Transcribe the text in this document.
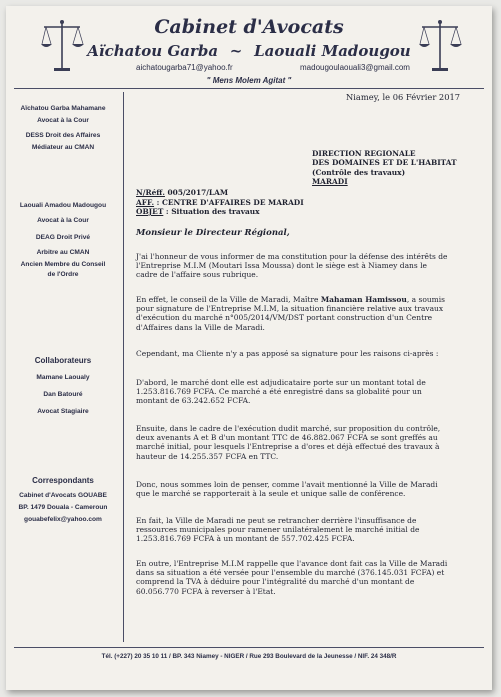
Cabinet d'Avocats
Aïchatou Garba ~ Laouali Madougou
aichatougarba71@yahoo.fr	madougoulaouali3@gmail.com
" Mens Molem Agitat "
Aïchatou Garba Mahamane
Avocat à la Cour
DESS Droit des Affaires
Médiateur au CMAN
Laouali Amadou Madougou
Avocat à la Cour
DEAG Droit Privé
Arbitre au CMAN
Ancien Membre du Conseil
de l'Ordre
Collaborateurs
Mamane Laoualy
Dan Batouré
Avocat Stagiaire
Correspondants
Cabinet d'Avocats GOUABE
BP. 1479 Douala - Cameroun
gouabefelix@yahoo.com
Niamey, le 06 Février 2017
DIRECTION REGIONALE
DES DOMAINES ET DE L'HABITAT
(Contrôle des travaux)
MARADI
N/Réff. 005/2017/LAM
AFF. : CENTRE D'AFFAIRES DE MARADI
OBJET : Situation des travaux
Monsieur le Directeur Régional,
J'ai l'honneur de vous informer de ma constitution pour la défense des intérêts de
l'Entreprise M.I.M (Moutari Issa Moussa) dont le siège est à Niamey dans le
cadre de l'affaire sous rubrique.
En effet, le conseil de la Ville de Maradi, Maître Mahaman Hamissou, a soumis
pour signature de l'Entreprise M.I.M, la situation financière relative aux travaux
d'exécution du marché n°005/2014/VM/DST portant construction d'un Centre
d'Affaires dans la Ville de Maradi.
Cependant, ma Cliente n'y a pas apposé sa signature pour les raisons ci-après :
D'abord, le marché dont elle est adjudicataire porte sur un montant total de
1.253.816.769 FCFA. Ce marché a été enregistré dans sa globalité pour un
montant de 63.242.652 FCFA.
Ensuite, dans le cadre de l'exécution dudit marché, sur proposition du contrôle,
deux avenants A et B d'un montant TTC de 46.882.067 FCFA se sont greffés au
marché initial, pour lesquels l'Entreprise a d'ores et déjà effectué des travaux à
hauteur de 14.255.357 FCFA en TTC.
Donc, nous sommes loin de penser, comme l'avait mentionné la Ville de Maradi
que le marché se rapporterait à la seule et unique salle de conférence.
En fait, la Ville de Maradi ne peut se retrancher derrière l'insuffisance de
ressources municipales pour ramener unilatéralement le marché initial de
1.253.816.769 FCFA à un montant de 557.702.425 FCFA.
En outre, l'Entreprise M.I.M rappelle que l'avance dont fait cas la Ville de Maradi
dans sa situation a été versée pour l'ensemble du marché (376.145.031 FCFA) et
comprend la TVA à déduire pour l'intégralité du marché d'un montant de
60.056.770 FCFA à reverser à l'Etat.
Tél. (+227) 20 35 10 11 / BP. 343 Niamey - NIGER / Rue 293 Boulevard de la Jeunesse / NIF. 24 348/R
